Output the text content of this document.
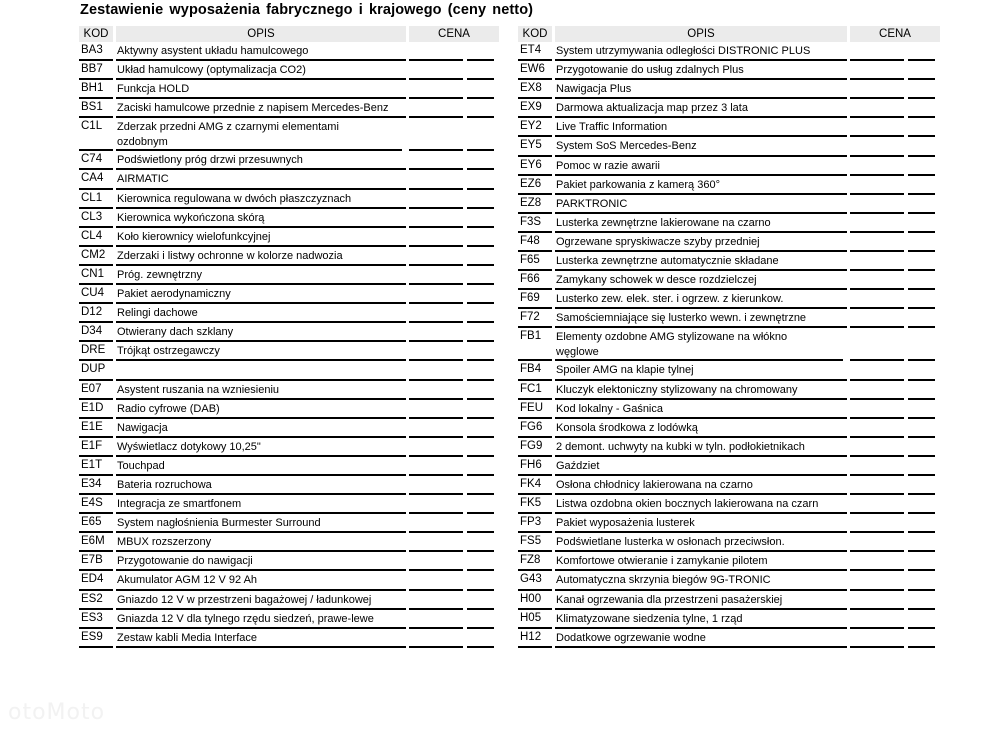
Zestawienie wyposażenia fabrycznego i krajowego (ceny netto)
KOD	OPIS	CENA
BA3 Aktywny asystent układu hamulcowego
BB7 Układ hamulcowy (optymalizacja CO2)
BH1 Funkcja HOLD
BS1 Zaciski hamulcowe przednie z napisem Mercedes-Benz
C1L Zderzak przedni AMG z czarnymi elementami
ozdobnym
C74 Podświetlony próg drzwi przesuwnych
CA4 AIRMATIC
CL1 Kierownica regulowana w dwóch płaszczyznach
CL3 Kierownica wykończona skórą
CL4 Koło kierownicy wielofunkcyjnej
CM2 Zderzaki i listwy ochronne w kolorze nadwozia
CN1 Próg. zewnętrzny
CU4 Pakiet aerodynamiczny
D12 Relingi dachowe
D34 Otwierany dach szklany
DRE Trójkąt ostrzegawczy
DUP
E07 Asystent ruszania na wzniesieniu
E1D Radio cyfrowe (DAB)
E1E Nawigacja
E1F Wyświetlacz dotykowy 10,25"
E1T Touchpad
E34 Bateria rozruchowa
E4S Integracja ze smartfonem
E65 System nagłośnienia Burmester Surround
E6M MBUX rozszerzony
E7B Przygotowanie do nawigacji
ED4 Akumulator AGM 12 V 92 Ah
ES2 Gniazdo 12 V w przestrzeni bagażowej / ładunkowej
ES3 Gniazda 12 V dla tylnego rzędu siedzeń, prawe-lewe
ES9 Zestaw kabli Media Interface
KOD	OPIS	CENA
ET4 System utrzymywania odległości DISTRONIC PLUS
EW6 Przygotowanie do usług zdalnych Plus
EX8 Nawigacja Plus
EX9 Darmowa aktualizacja map przez 3 lata
EY2 Live Traffic Information
EY5 System SoS Mercedes-Benz
EY6 Pomoc w razie awarii
EZ6 Pakiet parkowania z kamerą 360°
EZ8 PARKTRONIC
F3S Lusterka zewnętrzne lakierowane na czarno
F48 Ogrzewane spryskiwacze szyby przedniej
F65 Lusterka zewnętrzne automatycznie składane
F66 Zamykany schowek w desce rozdzielczej
F69 Lusterko zew. elek. ster. i ogrzew. z kierunkow.
F72 Samościemniające się lusterko wewn. i zewnętrzne
FB1 Elementy ozdobne AMG stylizowane na włókno
węglowe
FB4 Spoiler AMG na klapie tylnej
FC1 Kluczyk elektoniczny stylizowany na chromowany
FEU Kod lokalny - Gaśnica
FG6 Konsola środkowa z lodówką
FG9 2 demont. uchwyty na kubki w tyln. podłokietnikach
FH6 Gaździet
FK4 Osłona chłodnicy lakierowana na czarno
FK5 Listwa ozdobna okien bocznych lakierowana na czarn
FP3 Pakiet wyposażenia lusterek
FS5 Podświetlane lusterka w osłonach przeciwsłon.
FZ8 Komfortowe otwieranie i zamykanie pilotem
G43 Automatyczna skrzynia biegów 9G-TRONIC
H00 Kanał ogrzewania dla przestrzeni pasażerskiej
H05 Klimatyzowane siedzenia tylne, 1 rząd
H12 Dodatkowe ogrzewanie wodne
otoMoto
